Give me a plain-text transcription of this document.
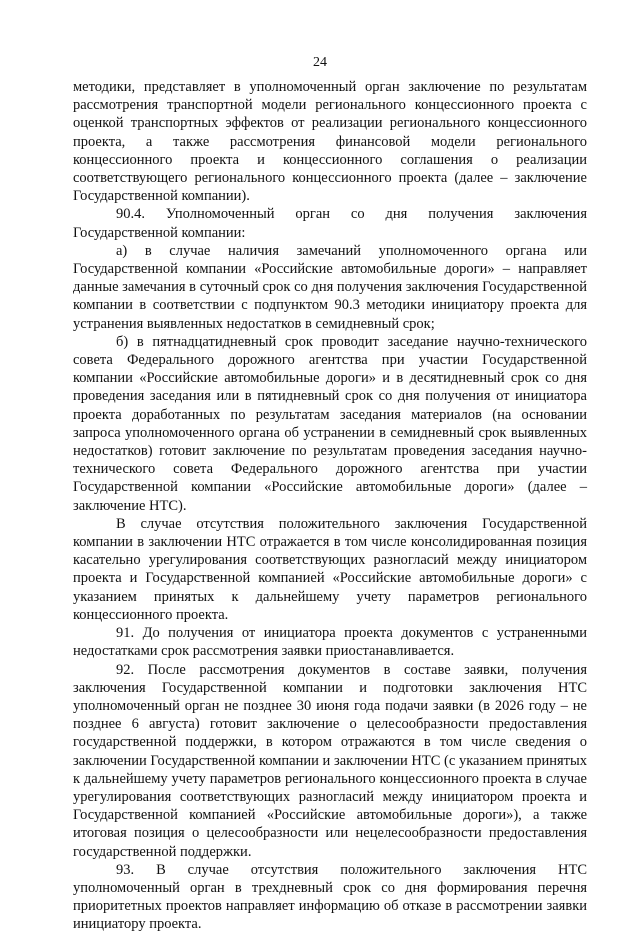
24

методики, представляет в уполномоченный орган заключение по результатам рассмотрения транспортной модели регионального концессионного проекта с оценкой транспортных эффектов от реализации регионального концессионного проекта, а также рассмотрения финансовой модели регионального концессионного проекта и концессионного соглашения о реализации соответствующего регионального концессионного проекта (далее – заключение Государственной компании).

90.4. Уполномоченный орган со дня получения заключения Государственной компании:

а) в случае наличия замечаний уполномоченного органа или Государственной компании «Российские автомобильные дороги» – направляет данные замечания в суточный срок со дня получения заключения Государственной компании в соответствии с подпунктом 90.3 методики инициатору проекта для устранения выявленных недостатков в семидневный срок;

б) в пятнадцатидневный срок проводит заседание научно-технического совета Федерального дорожного агентства при участии Государственной компании «Российские автомобильные дороги» и в десятидневный срок со дня проведения заседания или в пятидневный срок со дня получения от инициатора проекта доработанных по результатам заседания материалов (на основании запроса уполномоченного органа об устранении в семидневный срок выявленных недостатков) готовит заключение по результатам проведения заседания научно-технического совета Федерального дорожного агентства при участии Государственной компании «Российские автомобильные дороги» (далее – заключение НТС).

В случае отсутствия положительного заключения Государственной компании в заключении НТС отражается в том числе консолидированная позиция касательно урегулирования соответствующих разногласий между инициатором проекта и Государственной компанией «Российские автомобильные дороги» с указанием принятых к дальнейшему учету параметров регионального концессионного проекта.

91. До получения от инициатора проекта документов с устраненными недостатками срок рассмотрения заявки приостанавливается.

92. После рассмотрения документов в составе заявки, получения заключения Государственной компании и подготовки заключения НТС уполномоченный орган не позднее 30 июня года подачи заявки (в 2026 году – не позднее 6 августа) готовит заключение о целесообразности предоставления государственной поддержки, в котором отражаются в том числе сведения о заключении Государственной компании и заключении НТС (с указанием принятых к дальнейшему учету параметров регионального концессионного проекта в случае урегулирования соответствующих разногласий между инициатором проекта и Государственной компанией «Российские автомобильные дороги»), а также итоговая позиция о целесообразности или нецелесообразности предоставления государственной поддержки.

93. В случае отсутствия положительного заключения НТС уполномоченный орган в трехдневный срок со дня формирования перечня приоритетных проектов направляет информацию об отказе в рассмотрении заявки инициатору проекта.
